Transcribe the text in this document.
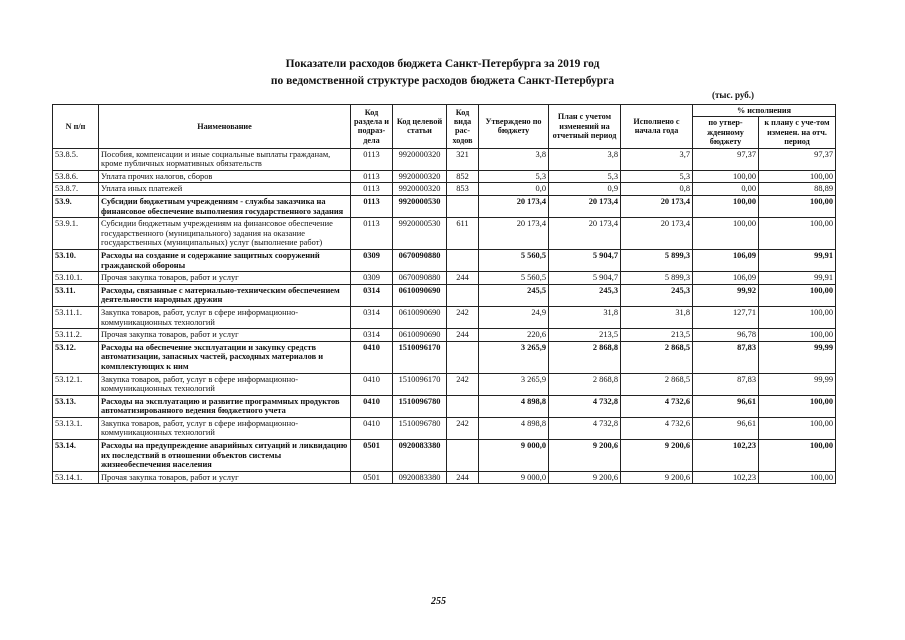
Показатели расходов бюджета Санкт-Петербурга за 2019 год
по ведомственной структуре расходов бюджета Санкт-Петербурга
(тыс. руб.)
N п/п	Наименование	Код раздела и подраз-дела	Код целевой статьи	Код вида рас-ходов	Утверждено по бюджету	План с учетом изменений на отчетный период	Исполнено с начала года	% исполнения	
								по утвер-жденному бюджету	к плану с уче-том изменен. на отч. период
53.8.5.	Пособия, компенсации и иные социальные выплаты гражданам, кроме публичных нормативных обязательств	0113	9920000320	321	3,8	3,8	3,7	97,37	97,37
53.8.6.	Уплата прочих налогов, сборов	0113	9920000320	852	5,3	5,3	5,3	100,00	100,00
53.8.7.	Уплата иных платежей	0113	9920000320	853	0,0	0,9	0,8	0,00	88,89
53.9.	Субсидии бюджетным учреждениям - службы заказчика на финансовое обеспечение выполнения государственного задания	0113	9920000530		20 173,4	20 173,4	20 173,4	100,00	100,00
53.9.1.	Субсидии бюджетным учреждениям на финансовое обеспечение государственного (муниципального) задания на оказание государственных (муниципальных) услуг (выполнение работ)	0113	9920000530	611	20 173,4	20 173,4	20 173,4	100,00	100,00
53.10.	Расходы на создание и содержание защитных сооружений гражданской обороны	0309	0670090880		5 560,5	5 904,7	5 899,3	106,09	99,91
53.10.1.	Прочая закупка товаров, работ и услуг	0309	0670090880	244	5 560,5	5 904,7	5 899,3	106,09	99,91
53.11.	Расходы, связанные с материально-техническим обеспечением деятельности народных дружин	0314	0610090690		245,5	245,3	245,3	99,92	100,00
53.11.1.	Закупка товаров, работ, услуг в сфере информационно-коммуникационных технологий	0314	0610090690	242	24,9	31,8	31,8	127,71	100,00
53.11.2.	Прочая закупка товаров, работ и услуг	0314	0610090690	244	220,6	213,5	213,5	96,78	100,00
53.12.	Расходы на обеспечение эксплуатации и закупку средств автоматизации, запасных частей, расходных материалов и комплектующих к ним	0410	1510096170		3 265,9	2 868,8	2 868,5	87,83	99,99
53.12.1.	Закупка товаров, работ, услуг в сфере информационно-коммуникационных технологий	0410	1510096170	242	3 265,9	2 868,8	2 868,5	87,83	99,99
53.13.	Расходы на эксплуатацию и развитие программных продуктов автоматизированного ведения бюджетного учета	0410	1510096780		4 898,8	4 732,8	4 732,6	96,61	100,00
53.13.1.	Закупка товаров, работ, услуг в сфере информационно-коммуникационных технологий	0410	1510096780	242	4 898,8	4 732,8	4 732,6	96,61	100,00
53.14.	Расходы на предупреждение аварийных ситуаций и ликвидацию их последствий в отношении объектов системы жизнеобеспечения населения	0501	0920083380		9 000,0	9 200,6	9 200,6	102,23	100,00
53.14.1.	Прочая закупка товаров, работ и услуг	0501	0920083380	244	9 000,0	9 200,6	9 200,6	102,23	100,00
255
